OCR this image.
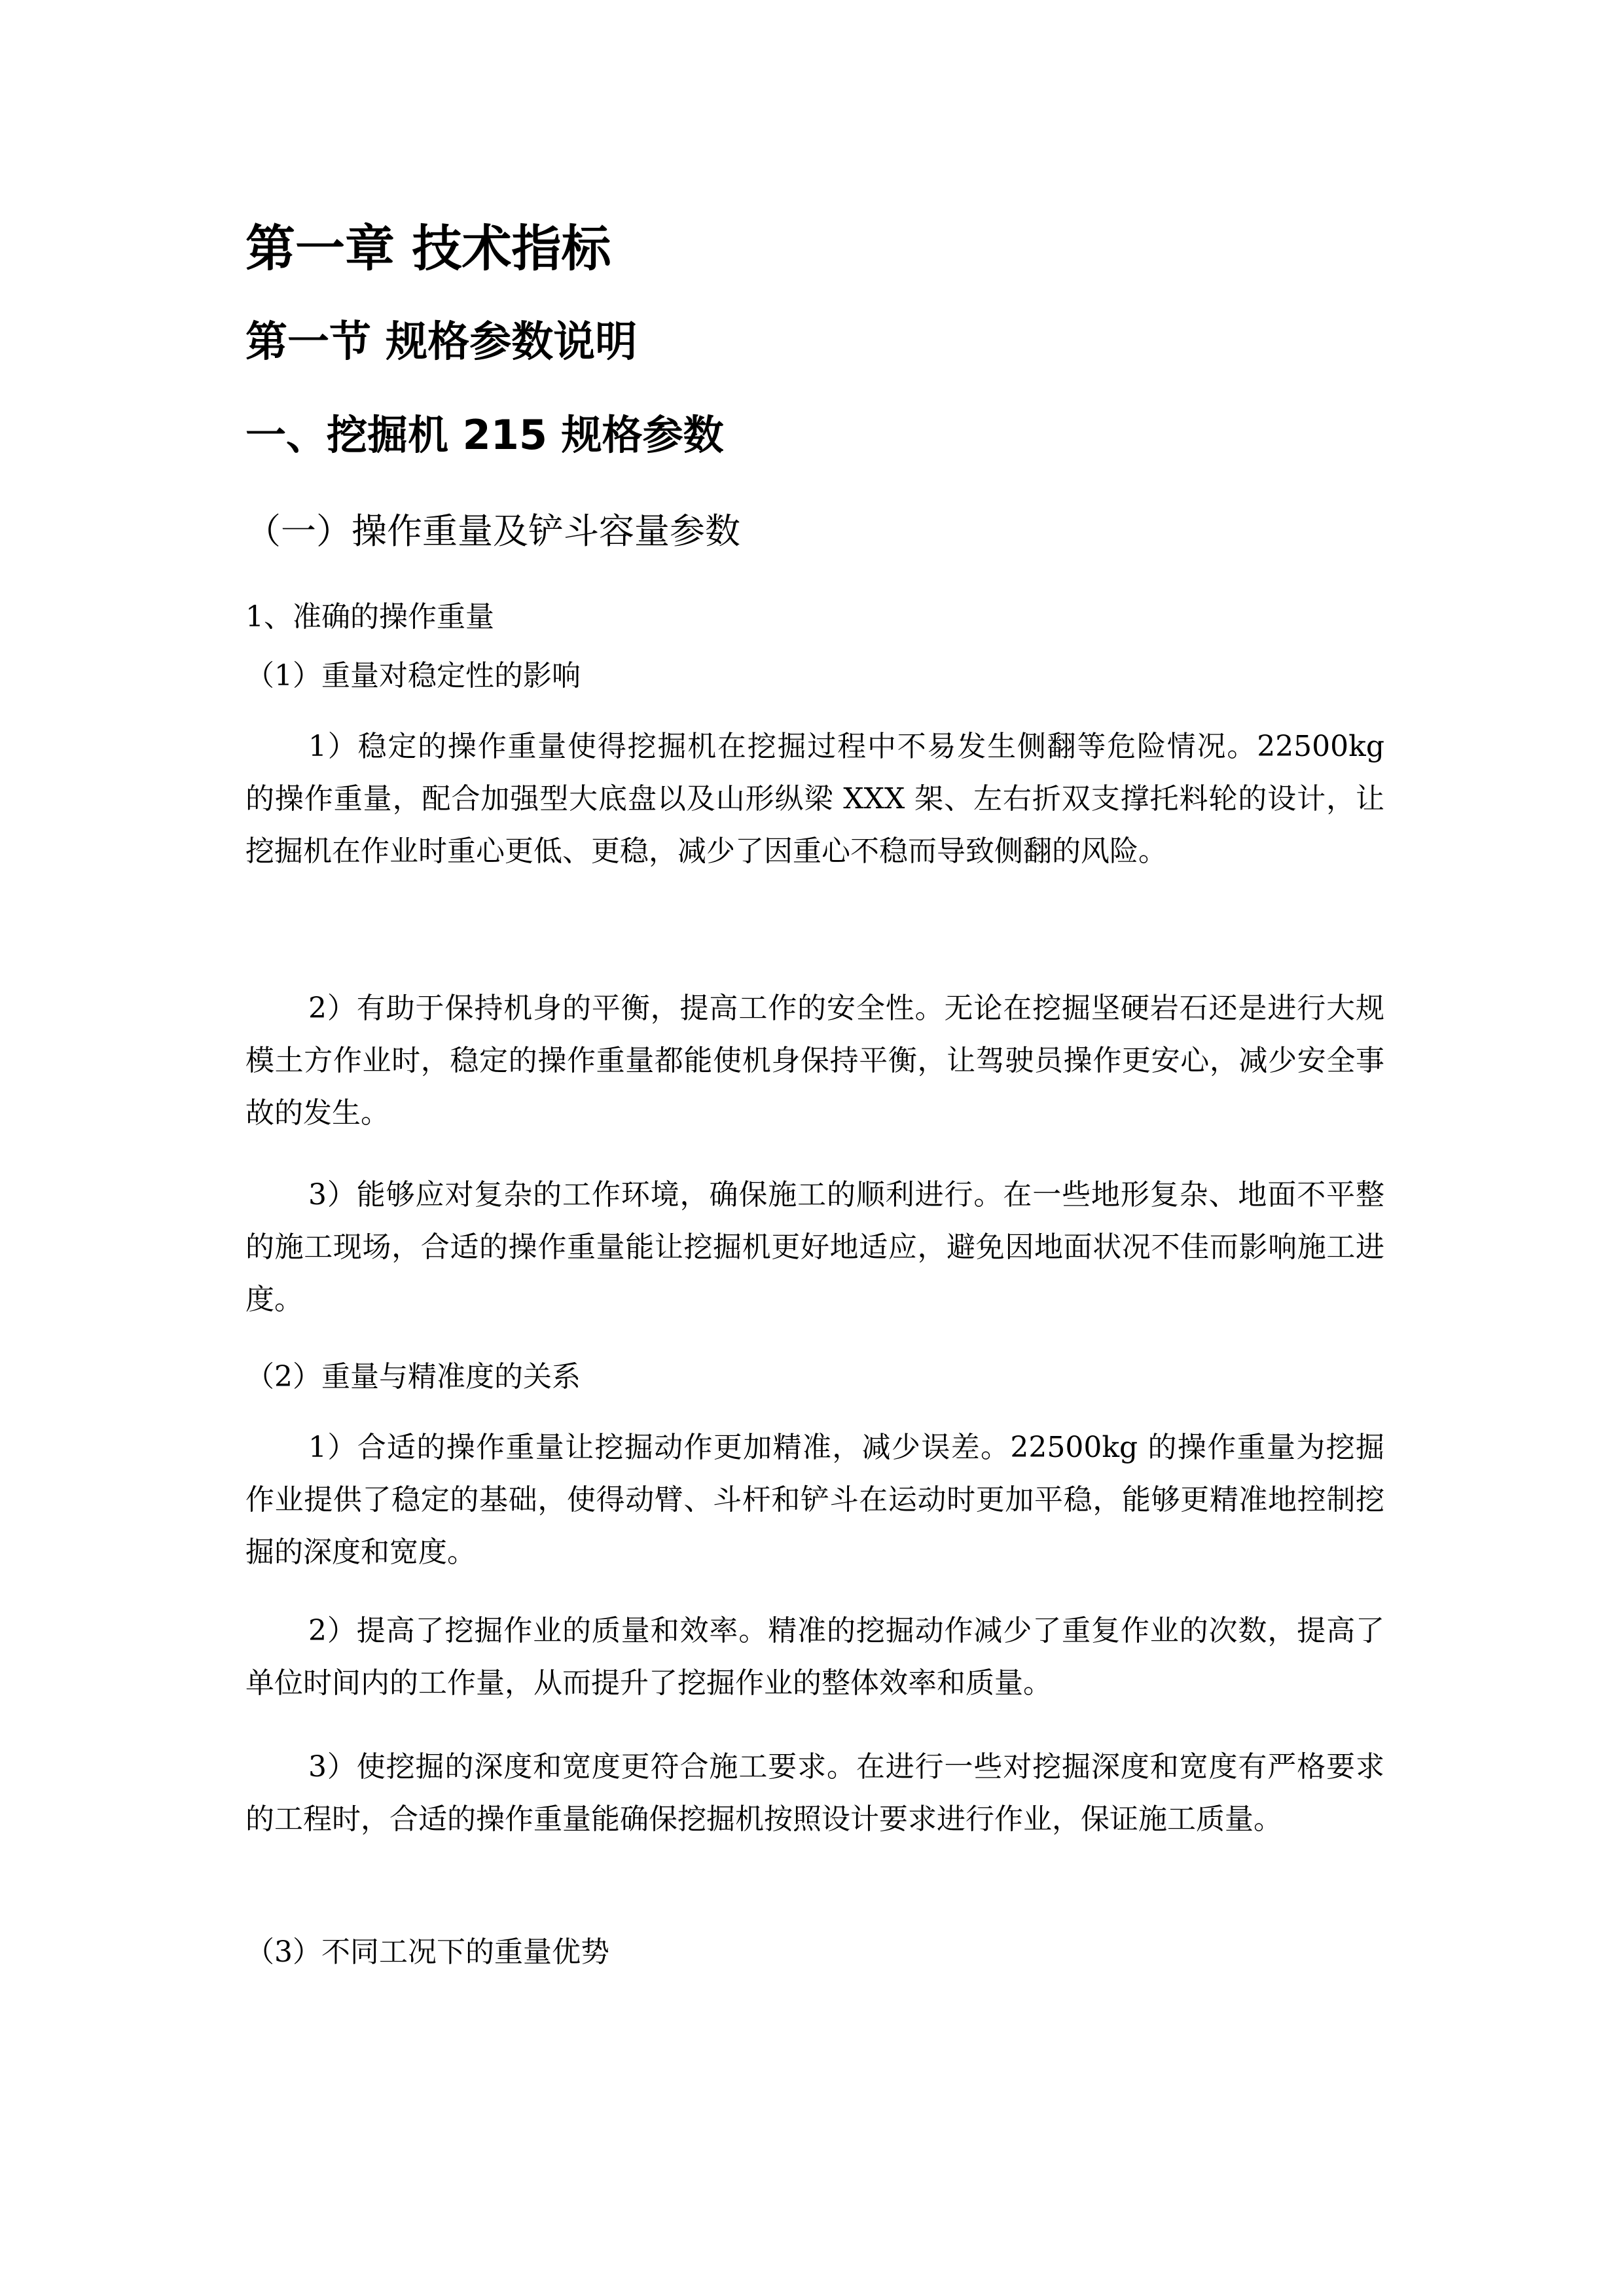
第一章 技术指标
第一节 规格参数说明
一、挖掘机 215 规格参数
（一）操作重量及铲斗容量参数
1、准确的操作重量
（1）重量对稳定性的影响

1）稳定的操作重量使得挖掘机在挖掘过程中不易发生侧翻等危险情况。22500kg 的操作重量，配合加强型大底盘以及山形纵梁 XXX 架、左右折双支撑托料轮的设计，让挖掘机在作业时重心更低、更稳，减少了因重心不稳而导致侧翻的风险。

2）有助于保持机身的平衡，提高工作的安全性。无论在挖掘坚硬岩石还是进行大规模土方作业时，稳定的操作重量都能使机身保持平衡，让驾驶员操作更安心，减少安全事故的发生。

3）能够应对复杂的工作环境，确保施工的顺利进行。在一些地形复杂、地面不平整的施工现场，合适的操作重量能让挖掘机更好地适应，避免因地面状况不佳而影响施工进度。

（2）重量与精准度的关系

1）合适的操作重量让挖掘动作更加精准，减少误差。22500kg 的操作重量为挖掘作业提供了稳定的基础，使得动臂、斗杆和铲斗在运动时更加平稳，能够更精准地控制挖掘的深度和宽度。

2）提高了挖掘作业的质量和效率。精准的挖掘动作减少了重复作业的次数，提高了单位时间内的工作量，从而提升了挖掘作业的整体效率和质量。

3）使挖掘的深度和宽度更符合施工要求。在进行一些对挖掘深度和宽度有严格要求的工程时，合适的操作重量能确保挖掘机按照设计要求进行作业，保证施工质量。

（3）不同工况下的重量优势
